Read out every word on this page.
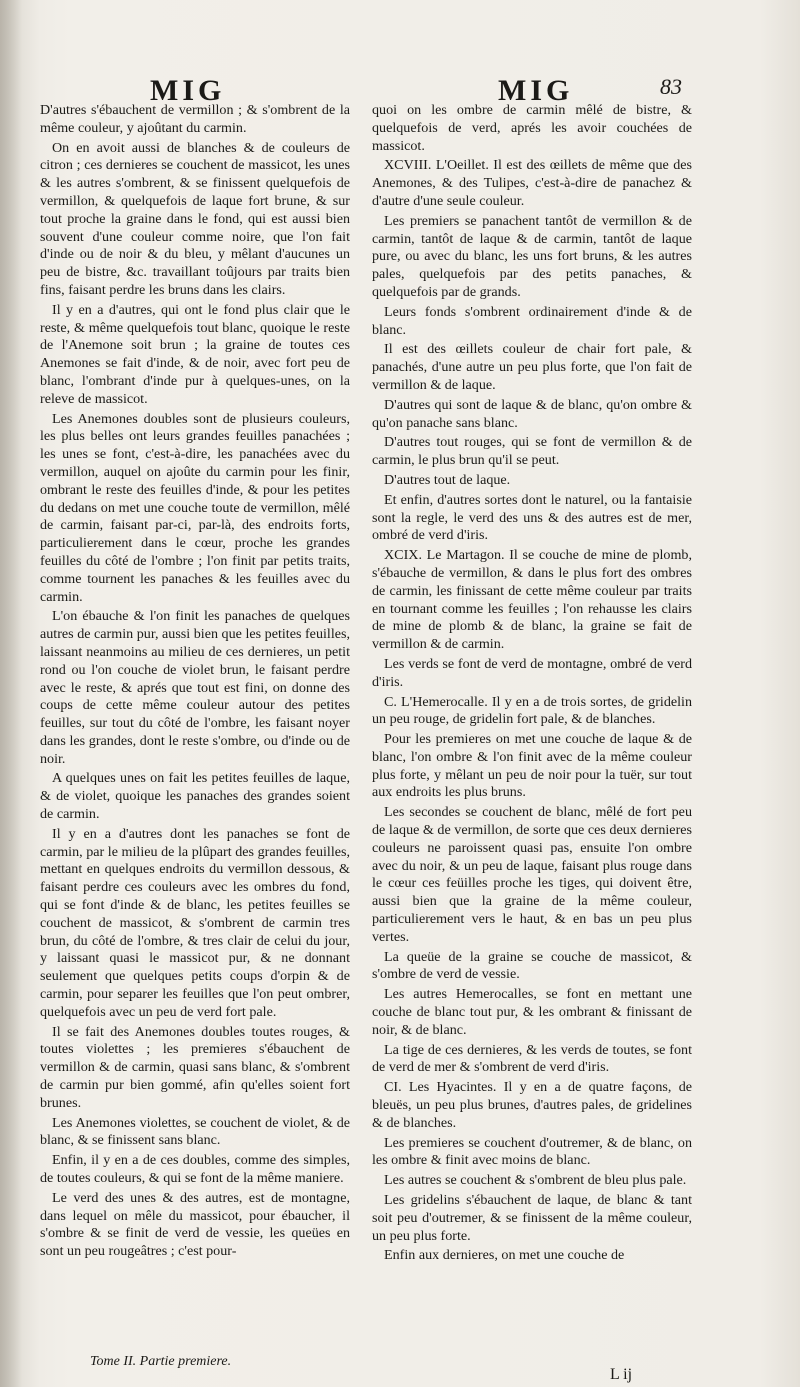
MIG	MIG	83

D'autres s'ébauchent de vermillon ; & s'ombrent de la même couleur, y ajoûtant du carmin.

On en avoit aussi de blanches & de couleurs de citron ; ces dernieres se couchent de massicot, les unes & les autres s'ombrent, & se finissent quelquefois de vermillon, & quelquefois de laque fort brune, & sur tout proche la graine dans le fond, qui est aussi bien souvent d'une couleur comme noire, que l'on fait d'inde ou de noir & du bleu, y mêlant d'aucunes un peu de bistre, &c. travaillant toûjours par traits bien fins, faisant perdre les bruns dans les clairs.

Il y en a d'autres, qui ont le fond plus clair que le reste, & même quelquefois tout blanc, quoique le reste de l'Anemone soit brun ; la graine de toutes ces Anemones se fait d'inde, & de noir, avec fort peu de blanc, l'ombrant d'inde pur à quelques-unes, on la releve de massicot.

Les Anemones doubles sont de plusieurs couleurs, les plus belles ont leurs grandes feuilles panachées ; les unes se font, c'est-à-dire, les panachées avec du vermillon, auquel on ajoûte du carmin pour les finir, ombrant le reste des feuilles d'inde, & pour les petites du dedans on met une couche toute de vermillon, mêlé de carmin, faisant par-ci, par-là, des endroits forts, particulierement dans le cœur, proche les grandes feuilles du côté de l'ombre ; l'on finit par petits traits, comme tournent les panaches & les feuilles avec du carmin.

L'on ébauche & l'on finit les panaches de quelques autres de carmin pur, aussi bien que les petites feuilles, laissant neanmoins au milieu de ces dernieres, un petit rond ou l'on couche de violet brun, le faisant perdre avec le reste, & aprés que tout est fini, on donne des coups de cette même couleur autour des petites feuilles, sur tout du côté de l'ombre, les faisant noyer dans les grandes, dont le reste s'ombre, ou d'inde ou de noir.

A quelques unes on fait les petites feuilles de laque, & de violet, quoique les panaches des grandes soient de carmin.

Il y en a d'autres dont les panaches se font de carmin, par le milieu de la plûpart des grandes feuilles, mettant en quelques endroits du vermillon dessous, & faisant perdre ces couleurs avec les ombres du fond, qui se font d'inde & de blanc, les petites feuilles se couchent de massicot, & s'ombrent de carmin tres brun, du côté de l'ombre, & tres clair de celui du jour, y laissant quasi le massicot pur, & ne donnant seulement que quelques petits coups d'orpin & de carmin, pour separer les feuilles que l'on peut ombrer, quelquefois avec un peu de verd fort pale.

Il se fait des Anemones doubles toutes rouges, & toutes violettes ; les premieres s'ébauchent de vermillon & de carmin, quasi sans blanc, & s'ombrent de carmin pur bien gommé, afin qu'elles soient fort brunes.

Les Anemones violettes, se couchent de violet, & de blanc, & se finissent sans blanc.

Enfin, il y en a de ces doubles, comme des simples, de toutes couleurs, & qui se font de la même maniere.

Le verd des unes & des autres, est de montagne, dans lequel on mêle du massicot, pour ébaucher, il s'ombre & se finit de verd de vessie, les queües en sont un peu rougeâtres ; c'est pour-

quoi on les ombre de carmin mêlé de bistre, & quelquefois de verd, aprés les avoir couchées de massicot.

XCVIII. L'Oeillet. Il est des œillets de même que des Anemones, & des Tulipes, c'est-à-dire de panachez & d'autre d'une seule couleur.

Les premiers se panachent tantôt de vermillon & de carmin, tantôt de laque & de carmin, tantôt de laque pure, ou avec du blanc, les uns fort bruns, & les autres pales, quelquefois par des petits panaches, & quelquefois par de grands.

Leurs fonds s'ombrent ordinairement d'inde & de blanc.

Il est des œillets couleur de chair fort pale, & panachés, d'une autre un peu plus forte, que l'on fait de vermillon & de laque.

D'autres qui sont de laque & de blanc, qu'on ombre & qu'on panache sans blanc.

D'autres tout rouges, qui se font de vermillon & de carmin, le plus brun qu'il se peut.

D'autres tout de laque.

Et enfin, d'autres sortes dont le naturel, ou la fantaisie sont la regle, le verd des uns & des autres est de mer, ombré de verd d'iris.

XCIX. Le Martagon. Il se couche de mine de plomb, s'ébauche de vermillon, & dans le plus fort des ombres de carmin, les finissant de cette même couleur par traits en tournant comme les feuilles ; l'on rehausse les clairs de mine de plomb & de blanc, la graine se fait de vermillon & de carmin.

Les verds se font de verd de montagne, ombré de verd d'iris.

C. L'Hemerocalle. Il y en a de trois sortes, de gridelin un peu rouge, de gridelin fort pale, & de blanches.

Pour les premieres on met une couche de laque & de blanc, l'on ombre & l'on finit avec de la même couleur plus forte, y mêlant un peu de noir pour la tuër, sur tout aux endroits les plus bruns.

Les secondes se couchent de blanc, mêlé de fort peu de laque & de vermillon, de sorte que ces deux dernieres couleurs ne paroissent quasi pas, ensuite l'on ombre avec du noir, & un peu de laque, faisant plus rouge dans le cœur ces feüilles proche les tiges, qui doivent être, aussi bien que la graine de la même couleur, particulierement vers le haut, & en bas un peu plus vertes.

La queüe de la graine se couche de massicot, & s'ombre de verd de vessie.

Les autres Hemerocalles, se font en mettant une couche de blanc tout pur, & les ombrant & finissant de noir, & de blanc.

La tige de ces dernieres, & les verds de toutes, se font de verd de mer & s'ombrent de verd d'iris.

CI. Les Hyacintes. Il y en a de quatre façons, de bleuës, un peu plus brunes, d'autres pales, de gridelines & de blanches.

Les premieres se couchent d'outremer, & de blanc, on les ombre & finit avec moins de blanc.

Les autres se couchent & s'ombrent de bleu plus pale.

Les gridelins s'ébauchent de laque, de blanc & tant soit peu d'outremer, & se finissent de la même couleur, un peu plus forte.

Enfin aux dernieres, on met une couche de

Tome II. Partie premiere.
L ij
